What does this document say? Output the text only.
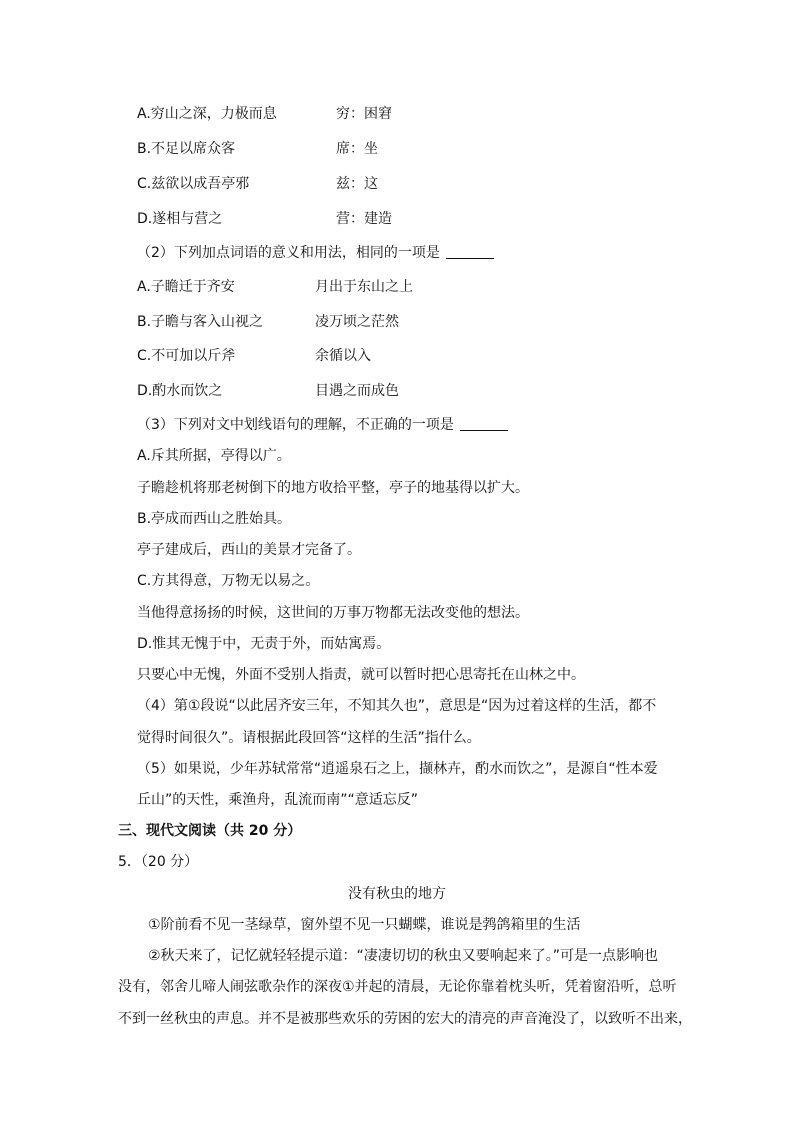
A.穷山之深，力极而息	穷：困窘
B.不足以席众客	席：坐
C.兹欲以成吾亭邪	兹：这
D.遂相与营之	营：建造
（2）下列加点词语的意义和用法，相同的一项是
A.子瞻迁于齐安	月出于东山之上
B.子瞻与客入山视之	凌万顷之茫然
C.不可加以斤斧	余循以入
D.酌水而饮之	目遇之而成色
（3）下列对文中划线语句的理解，不正确的一项是
A.斥其所据，亭得以广。
子瞻趁机将那老树倒下的地方收拾平整，亭子的地基得以扩大。
B.亭成而西山之胜始具。
亭子建成后，西山的美景才完备了。
C.方其得意，万物无以易之。
当他得意扬扬的时候，这世间的万事万物都无法改变他的想法。
D.惟其无愧于中，无责于外，而姑寓焉。
只要心中无愧，外面不受别人指责，就可以暂时把心思寄托在山林之中。
（4）第①段说“以此居齐安三年，不知其久也”，意思是“因为过着这样的生活，都不
觉得时间很久”。请根据此段回答“这样的生活”指什么。
（5）如果说，少年苏轼常常“逍遥泉石之上，撷林卉，酌水而饮之”，是源自“性本爱
丘山”的天性，乘渔舟，乱流而南”“意适忘反”
三、现代文阅读（共 20 分）
5．（20 分）
没有秋虫的地方
①阶前看不见一茎绿草，窗外望不见一只蝴蝶，谁说是鹁鸽箱里的生活
②秋天来了，记忆就轻轻提示道：“凄凄切切的秋虫又要响起来了。”可是一点影响也
没有，邻舍儿啼人闹弦歌杂作的深夜①并起的清晨，无论你靠着枕头听，凭着窗沿听，总听
不到一丝秋虫的声息。并不是被那些欢乐的劳困的宏大的清亮的声音淹没了，以致听不出来，
